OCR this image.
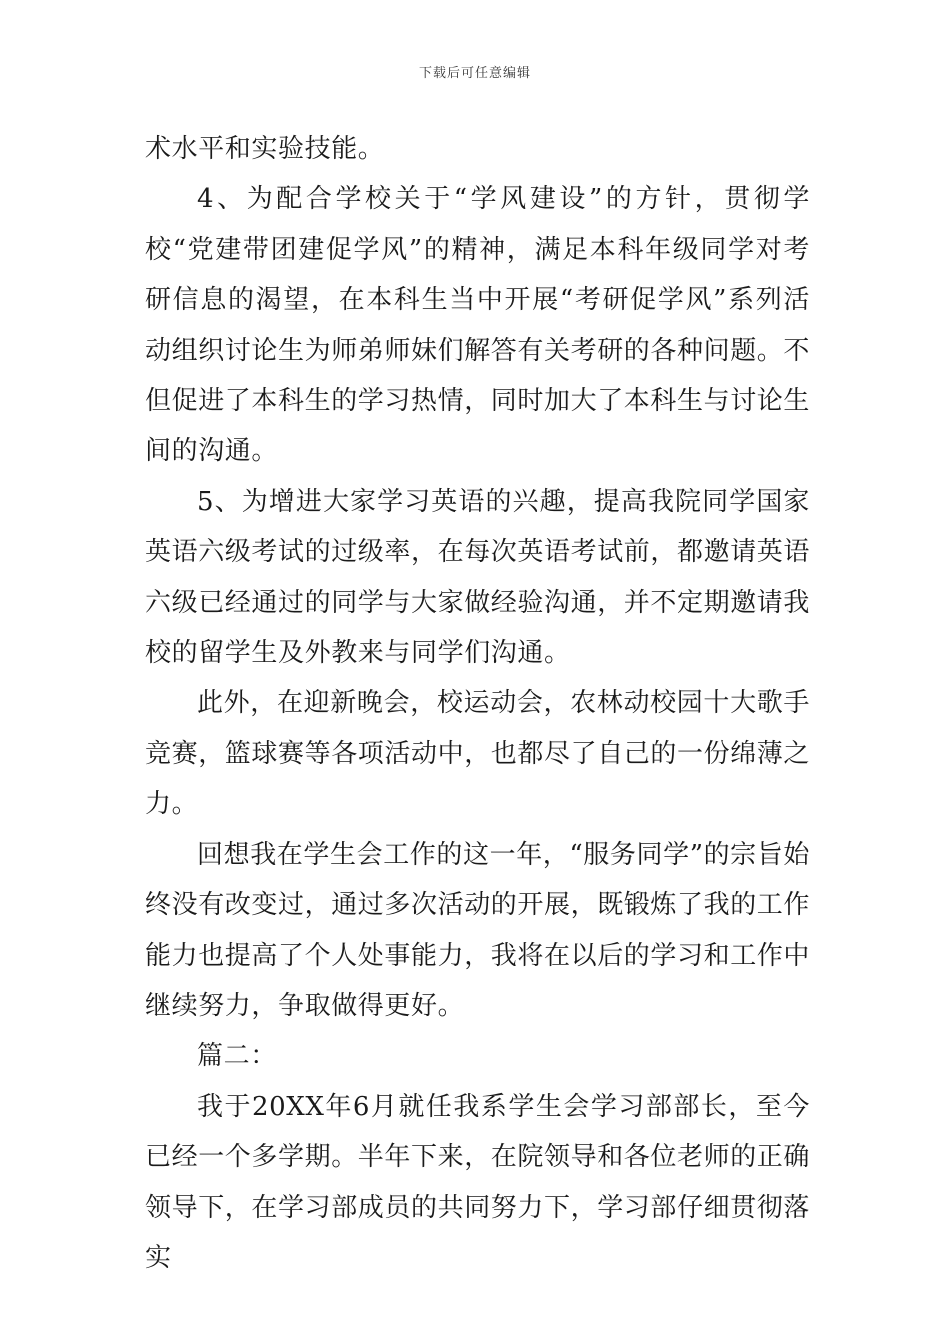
下载后可任意编辑

术水平和实验技能。

4、为配合学校关于“学风建设”的方针，贯彻学校“党建带团建促学风”的精神，满足本科年级同学对考研信息的渴望，在本科生当中开展“考研促学风”系列活动组织讨论生为师弟师妹们解答有关考研的各种问题。不但促进了本科生的学习热情，同时加大了本科生与讨论生间的沟通。

5、为增进大家学习英语的兴趣，提高我院同学国家英语六级考试的过级率，在每次英语考试前，都邀请英语六级已经通过的同学与大家做经验沟通，并不定期邀请我校的留学生及外教来与同学们沟通。

此外，在迎新晚会，校运动会，农林动校园十大歌手竞赛，篮球赛等各项活动中，也都尽了自己的一份绵薄之力。

回想我在学生会工作的这一年，“服务同学”的宗旨始终没有改变过，通过多次活动的开展，既锻炼了我的工作能力也提高了个人处事能力，我将在以后的学习和工作中继续努力，争取做得更好。

篇二：

我于20XX年6月就任我系学生会学习部部长，至今已经一个多学期。半年下来，在院领导和各位老师的正确领导下，在学习部成员的共同努力下，学习部仔细贯彻落实
